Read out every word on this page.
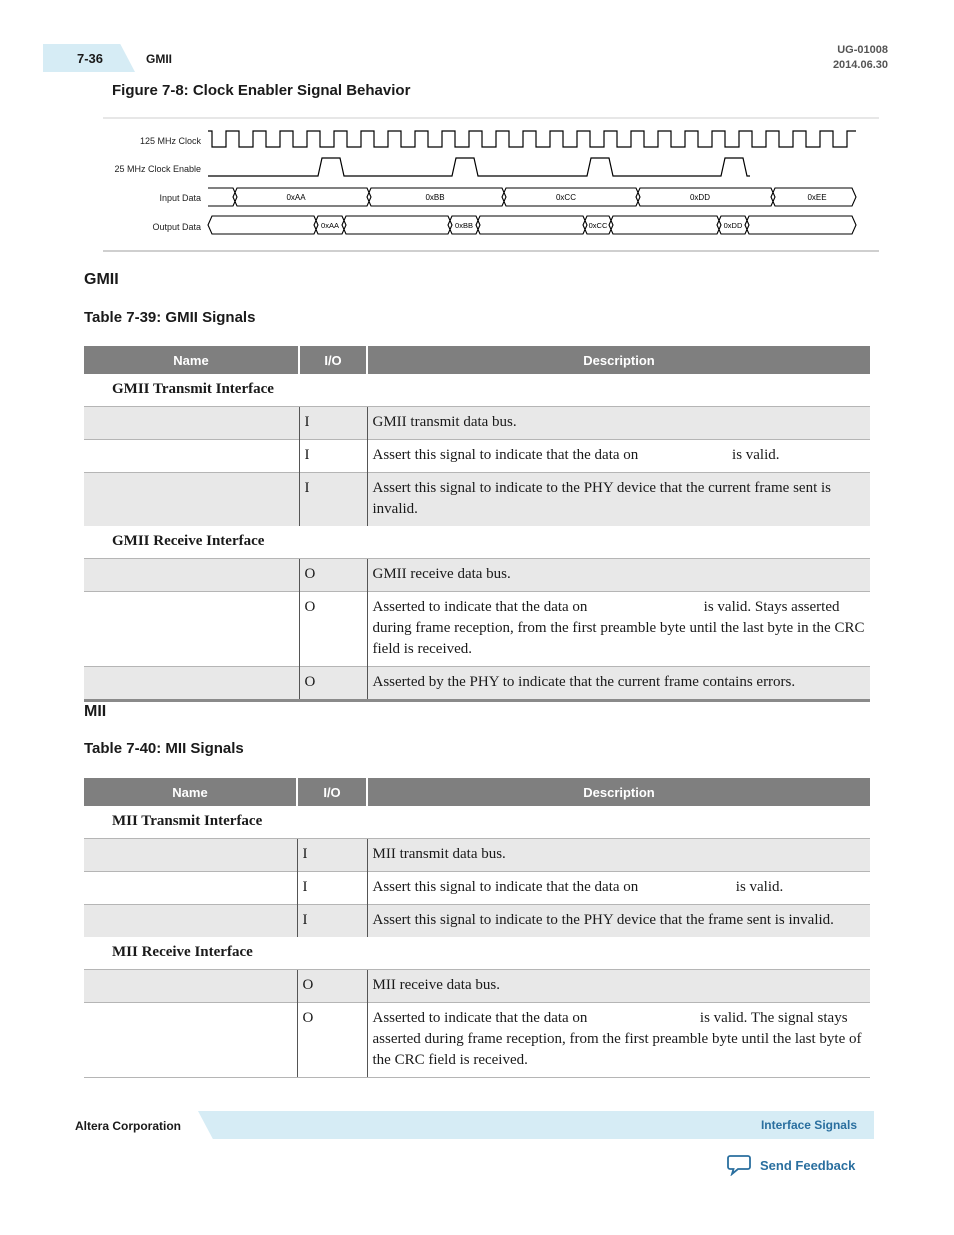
7-36	GMII
UG-01008
2014.06.30
Figure 7-8: Clock Enabler Signal Behavior
125 MHz Clock
25 MHz Clock Enable
Input Data
Output Data
0xAA	0xBB	0xCC	0xDD	0xEE
0xAA	0xBB	0xCC	0xDD
GMII
Table 7-39: GMII Signals
Name	I/O	Description
GMII Transmit Interface		
	I	GMII transmit data bus.
	I	Assert this signal to indicate that the data on                         is valid.
	I	Assert this signal to indicate to the PHY device that the current frame sent is invalid.
GMII Receive Interface		
	O	GMII receive data bus.
	O	Asserted to indicate that the data on                               is valid. Stays asserted during frame reception, from the first preamble byte until the last byte in the CRC field is received.
	O	Asserted by the PHY to indicate that the current frame contains errors.
MII
Table 7-40: MII Signals
Name	I/O	Description
MII Transmit Interface		
	I	MII transmit data bus.
	I	Assert this signal to indicate that the data on                          is valid.
	I	Assert this signal to indicate to the PHY device that the frame sent is invalid.
MII Receive Interface		
	O	MII receive data bus.
	O	Asserted to indicate that the data on                              is valid. The signal stays asserted during frame reception, from the first preamble byte until the last byte of the CRC field is received.
Altera Corporation	Interface Signals
Send Feedback
